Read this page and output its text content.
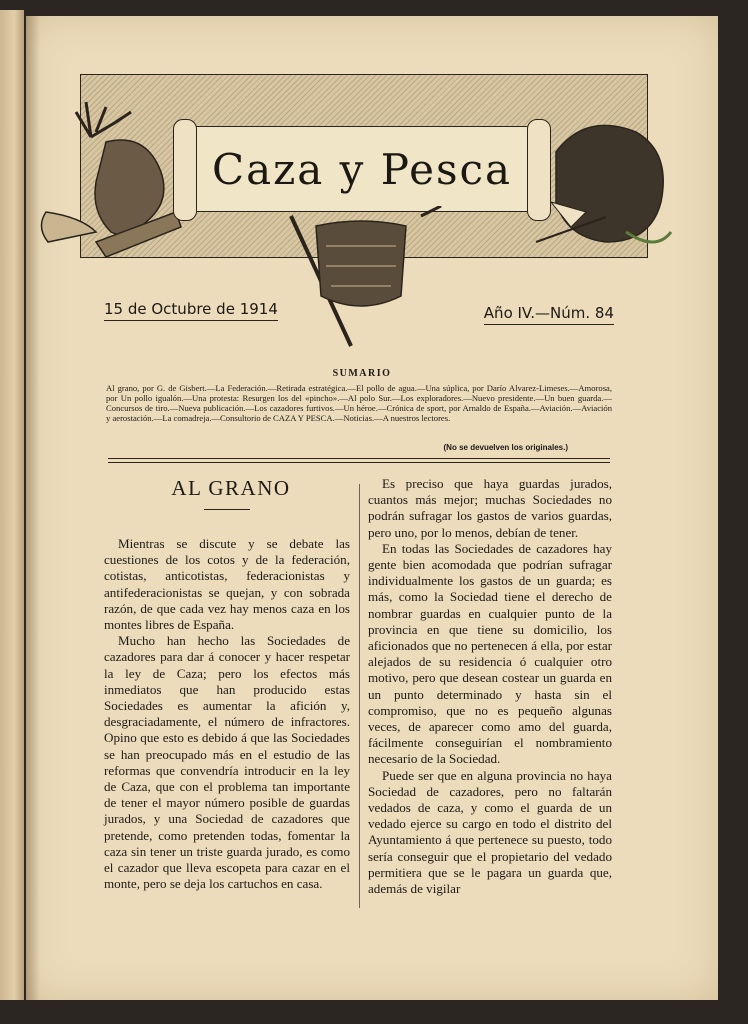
Caza y Pesca
15 de Octubre de 1914	Año IV.—Núm. 84
SUMARIO
Al grano, por G. de Gisbert.—La Federación.—Retirada estratégica.—El pollo de agua.—Una súplica, por Darío Alvarez-Limeses.—Amorosa, por Un pollo igualón.—Una protesta: Resurgen los del «pincho».—Al polo Sur.—Los exploradores.—Nuevo presidente.—Un buen guarda.—Concursos de tiro.—Nueva publicación.—Los cazadores furtivos.—Un héroe.—Crónica de sport, por Arnaldo de España.—Aviación.—Aviación y aerostación.—La comadreja.—Consultorio de CAZA Y PESCA.—Noticias.—A nuestros lectores.
(No se devuelven los originales.)
AL GRANO

Mientras se discute y se debate las cuestiones de los cotos y de la federación, cotistas, anticotistas, federacionistas y antifederacionistas se quejan, y con sobrada razón, de que cada vez hay menos caza en los montes libres de España.

Mucho han hecho las Sociedades de cazadores para dar á conocer y hacer respetar la ley de Caza; pero los efectos más inmediatos que han producido estas Sociedades es aumentar la afición y, desgraciadamente, el número de infractores. Opino que esto es debido á que las Sociedades se han preocupado más en el estudio de las reformas que convendría introducir en la ley de Caza, que con el problema tan importante de tener el mayor número posible de guardas jurados, y una Sociedad de cazadores que pretende, como pretenden todas, fomentar la caza sin tener un triste guarda jurado, es como el cazador que lleva escopeta para cazar en el monte, pero se deja los cartuchos en casa.

Es preciso que haya guardas jurados, cuantos más mejor; muchas Sociedades no podrán sufragar los gastos de varios guardas, pero uno, por lo menos, debían de tener.

En todas las Sociedades de cazadores hay gente bien acomodada que podrían sufragar individualmente los gastos de un guarda; es más, como la Sociedad tiene el derecho de nombrar guardas en cualquier punto de la provincia en que tiene su domicilio, los aficionados que no pertenecen á ella, por estar alejados de su residencia ó cualquier otro motivo, pero que desean costear un guarda en un punto determinado y hasta sin el compromiso, que no es pequeño algunas veces, de aparecer como amo del guarda, fácilmente conseguirían el nombramiento necesario de la Sociedad.

Puede ser que en alguna provincia no haya Sociedad de cazadores, pero no faltarán vedados de caza, y como el guarda de un vedado ejerce su cargo en todo el distrito del Ayuntamiento á que pertenece su puesto, todo sería conseguir que el propietario del vedado permitiera que se le pagara un guarda que, además de vigilar
